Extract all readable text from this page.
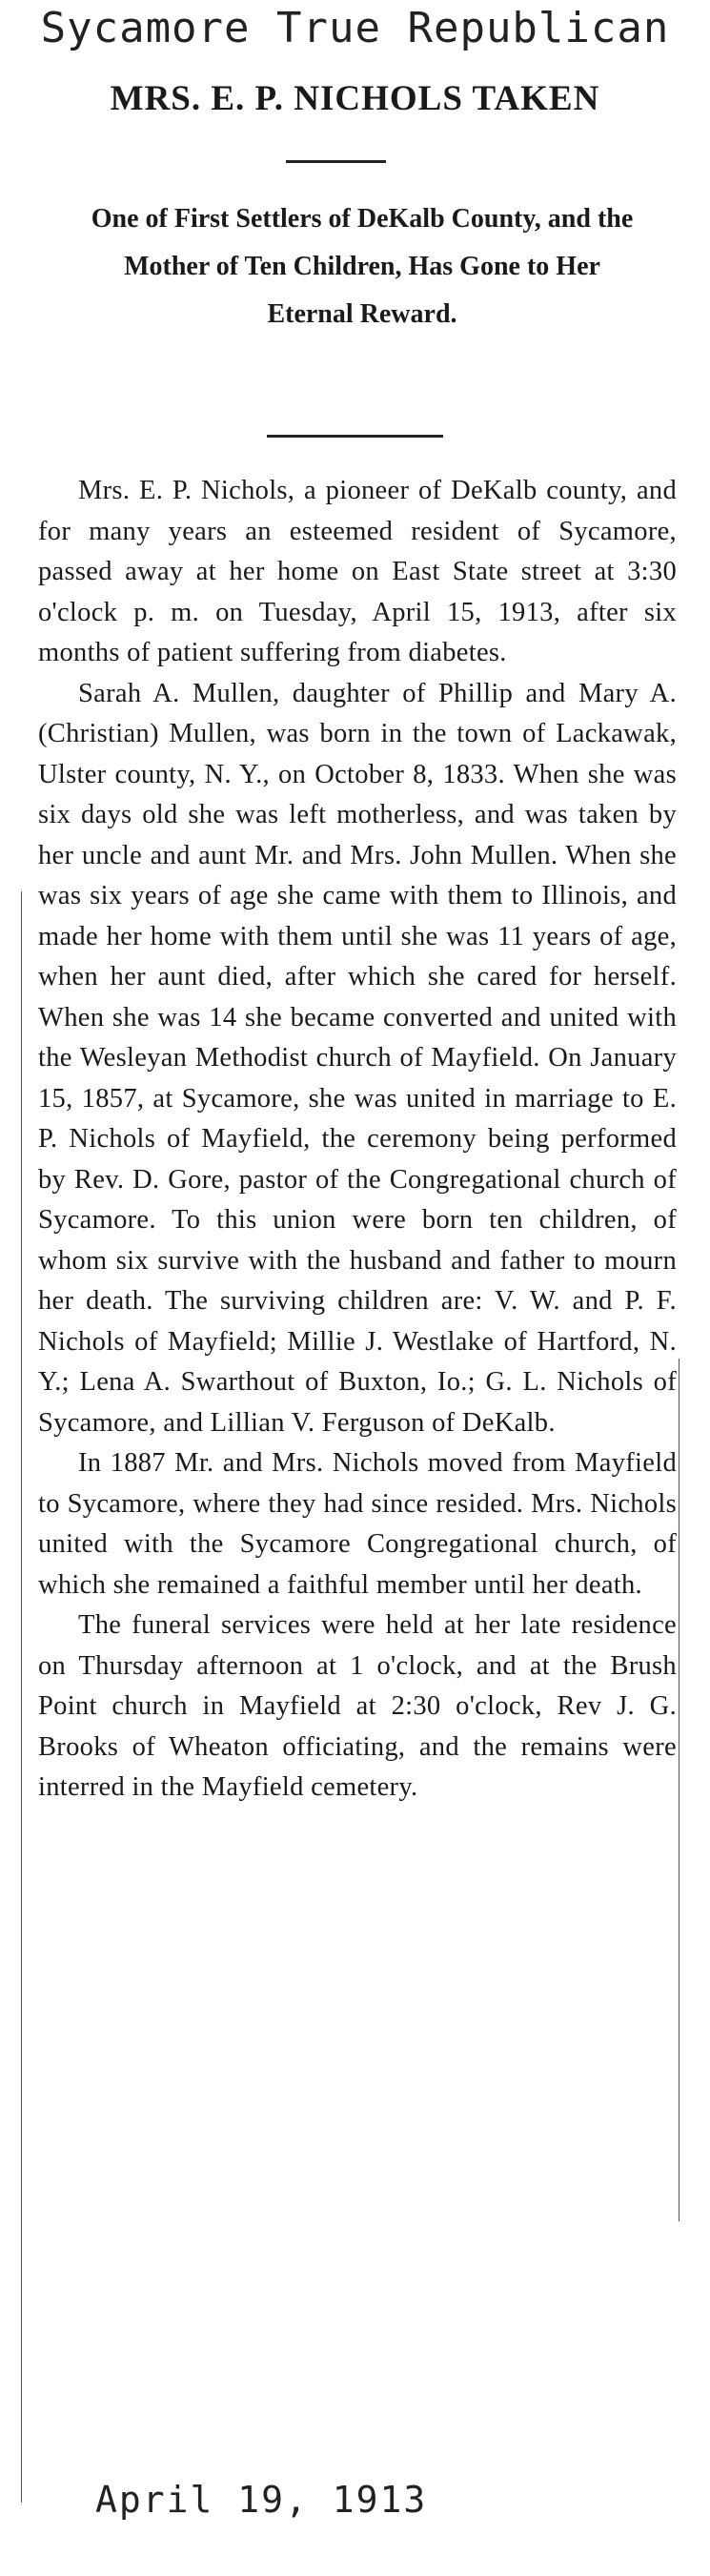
Sycamore True Republican
MRS. E. P. NICHOLS TAKEN
One of First Settlers of DeKalb County, and the Mother of Ten Children, Has Gone to Her Eternal Reward.

Mrs. E. P. Nichols, a pioneer of DeKalb county, and for many years an esteemed resident of Sycamore, passed away at her home on East State street at 3:30 o'clock p. m. on Tuesday, April 15, 1913, after six months of patient suffering from diabetes.

Sarah A. Mullen, daughter of Phillip and Mary A. (Christian) Mullen, was born in the town of Lackawak, Ulster county, N. Y., on October 8, 1833. When she was six days old she was left motherless, and was taken by her uncle and aunt Mr. and Mrs. John Mullen. When she was six years of age she came with them to Illinois, and made her home with them until she was 11 years of age, when her aunt died, after which she cared for herself. When she was 14 she became converted and united with the Wesleyan Methodist church of Mayfield. On January 15, 1857, at Sycamore, she was united in marriage to E. P. Nichols of Mayfield, the ceremony being performed by Rev. D. Gore, pastor of the Congregational church of Sycamore. To this union were born ten children, of whom six survive with the husband and father to mourn her death. The surviving children are: V. W. and P. F. Nichols of Mayfield; Millie J. Westlake of Hartford, N. Y.; Lena A. Swarthout of Buxton, Io.; G. L. Nichols of Sycamore, and Lillian V. Ferguson of DeKalb.

In 1887 Mr. and Mrs. Nichols moved from Mayfield to Sycamore, where they had since resided. Mrs. Nichols united with the Sycamore Congregational church, of which she remained a faithful member until her death.

The funeral services were held at her late residence on Thursday afternoon at 1 o'clock, and at the Brush Point church in Mayfield at 2:30 o'clock, Rev J. G. Brooks of Wheaton officiating, and the remains were interred in the Mayfield cemetery.

April 19, 1913
